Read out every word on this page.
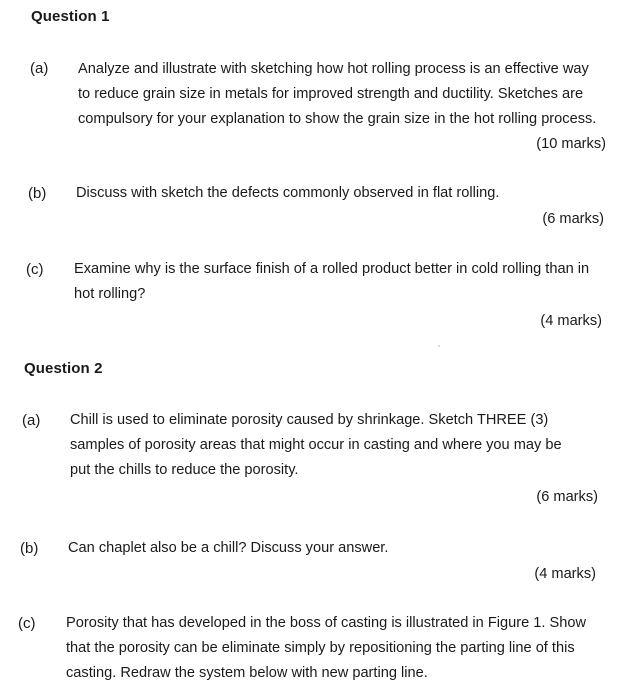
Question 1
(a) Analyze and illustrate with sketching how hot rolling process is an effective way
to reduce grain size in metals for improved strength and ductility. Sketches are
compulsory for your explanation to show the grain size in the hot rolling process.
(10 marks)
(b) Discuss with sketch the defects commonly observed in flat rolling.
(6 marks)
(c) Examine why is the surface finish of a rolled product better in cold rolling than in
hot rolling?
(4 marks)
Question 2
(a) Chill is used to eliminate porosity caused by shrinkage. Sketch THREE (3)
samples of porosity areas that might occur in casting and where you may be
put the chills to reduce the porosity.
(6 marks)
(b) Can chaplet also be a chill? Discuss your answer.
(4 marks)
(c) Porosity that has developed in the boss of casting is illustrated in Figure 1. Show
that the porosity can be eliminate simply by repositioning the parting line of this
casting. Redraw the system below with new parting line.
